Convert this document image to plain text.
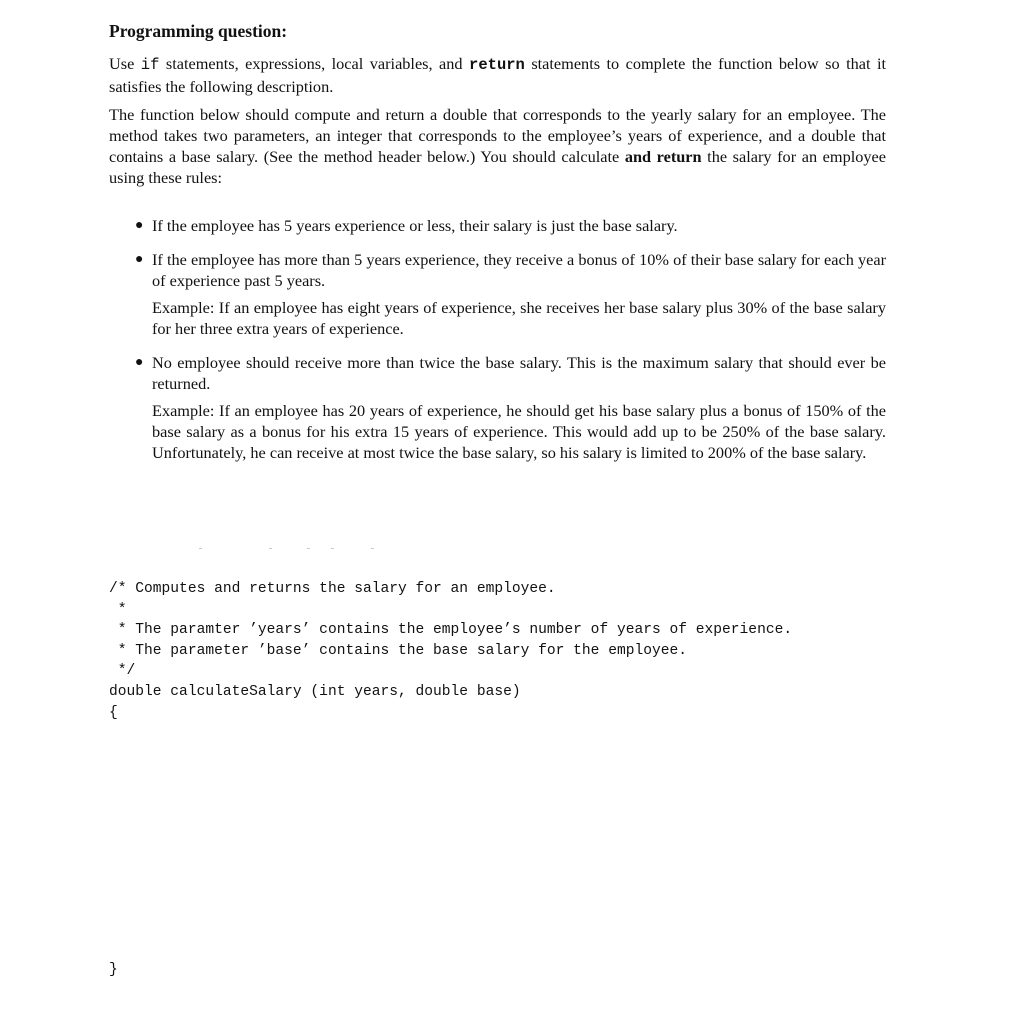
Programming question:
Use if statements, expressions, local variables, and return statements to complete the function below so that it satisfies the following description.
The function below should compute and return a double that corresponds to the yearly salary for an employee. The method takes two parameters, an integer that corresponds to the employee’s years of experience, and a double that contains a base salary. (See the method header below.) You should calculate and return the salary for an employee using these rules:
● If the employee has 5 years experience or less, their salary is just the base salary.
● If the employee has more than 5 years experience, they receive a bonus of 10% of their base salary for each year of experience past 5 years.
Example: If an employee has eight years of experience, she receives her base salary plus 30% of the base salary for her three extra years of experience.
● No employee should receive more than twice the base salary. This is the maximum salary that should ever be returned.
Example: If an employee has 20 years of experience, he should get his base salary plus a bonus of 150% of the base salary as a bonus for his extra 15 years of experience. This would add up to be 250% of the base salary. Unfortunately, he can receive at most twice the base salary, so his salary is limited to 200% of the base salary.
/* Computes and returns the salary for an employee.
*
* The paramter ’years’ contains the employee’s number of years of experience.
* The parameter ’base’ contains the base salary for the employee.
*/
double calculateSalary (int years, double base)
{
}
